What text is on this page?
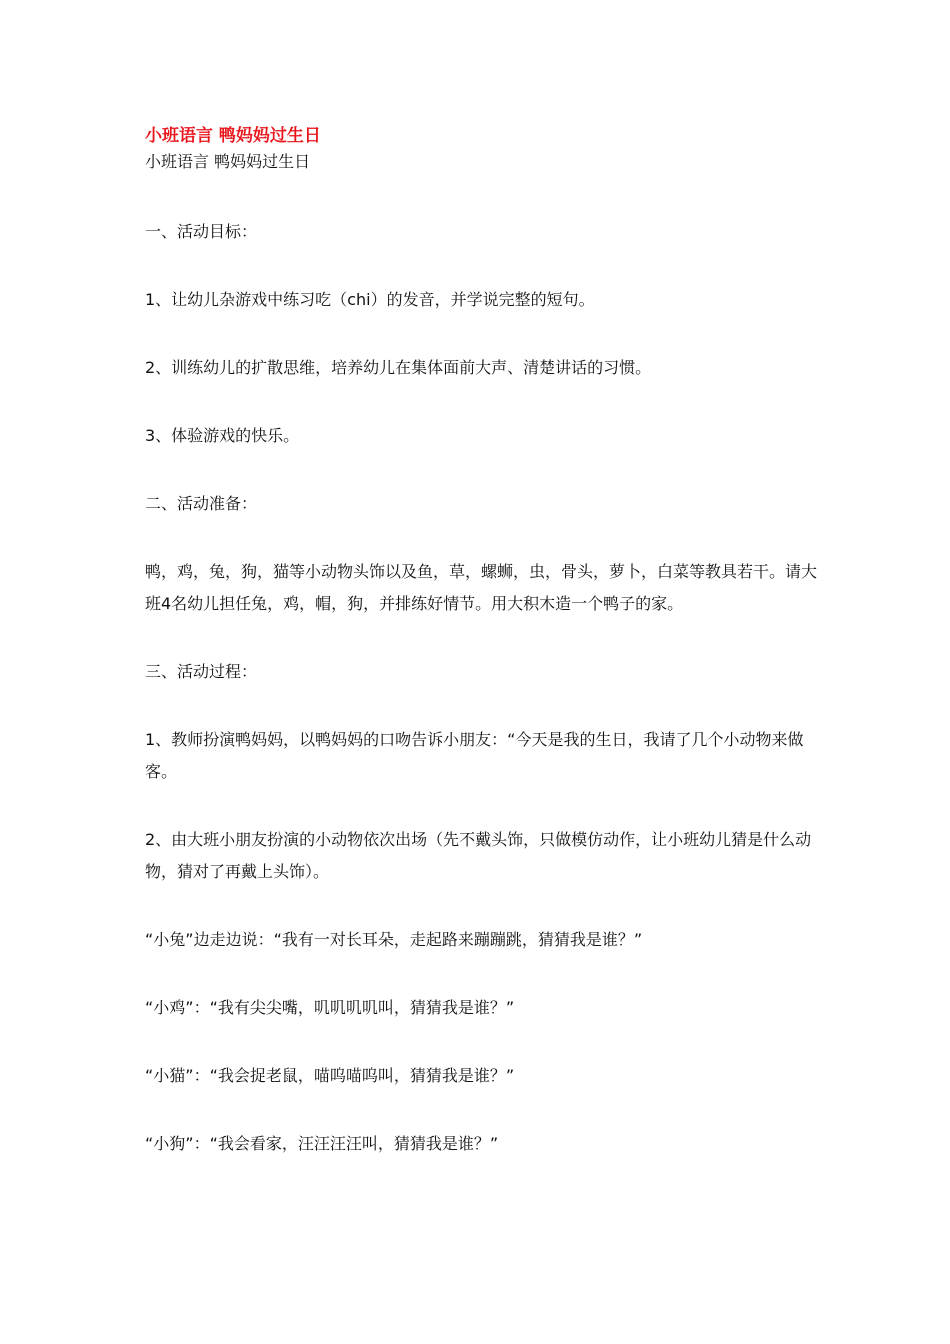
小班语言 鸭妈妈过生日

小班语言 鸭妈妈过生日

一、活动目标：

1、让幼儿杂游戏中练习吃（chi）的发音，并学说完整的短句。

2、训练幼儿的扩散思维，培养幼儿在集体面前大声、清楚讲话的习惯。

3、体验游戏的快乐。

二、活动准备：

鸭，鸡，兔，狗，猫等小动物头饰以及鱼，草，螺蛳，虫，骨头，萝卜，白菜等教具若干。请大班4名幼儿担任兔，鸡，帽，狗，并排练好情节。用大积木造一个鸭子的家。

三、活动过程：

1、教师扮演鸭妈妈，以鸭妈妈的口吻告诉小朋友：“今天是我的生日，我请了几个小动物来做客。

2、由大班小朋友扮演的小动物依次出场（先不戴头饰，只做模仿动作，让小班幼儿猜是什么动物，猜对了再戴上头饰）。

“小兔”边走边说：“我有一对长耳朵，走起路来蹦蹦跳，猜猜我是谁？”

“小鸡”：“我有尖尖嘴，叽叽叽叽叫，猜猜我是谁？”

“小猫”：“我会捉老鼠，喵呜喵呜叫，猜猜我是谁？”

“小狗”：“我会看家，汪汪汪汪叫，猜猜我是谁？”
